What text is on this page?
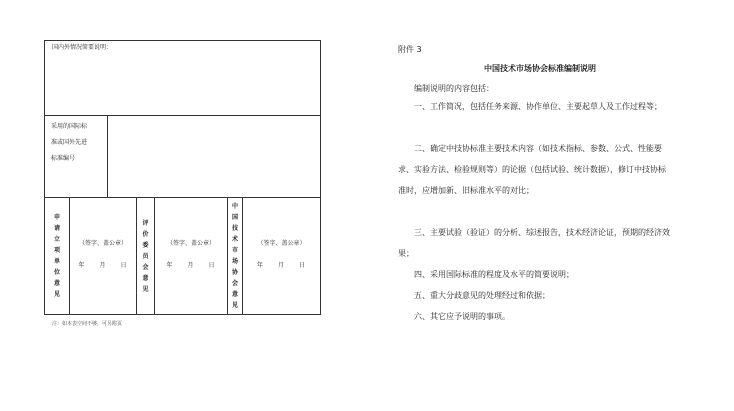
国内外情况简要说明：
采用的国际标
准或国外先进
标准编号
申
请
立
项
单
位
意
见
（签字、盖公章）
年　　月　　日
评
价
委
员
会
意
见
（签字、盖公章）
年　　月　　日
中
国
技
术
市
场
协
会
意
见
（签字、盖公章）
年　　月　　日
注：如本表空间不够，可另附页
附件 3
中国技术市场协会标准编制说明
编制说明的内容包括：
一、工作简况，包括任务来源、协作单位、主要起草人及工作过程等；
二、确定中技协标准主要技术内容（如技术指标、参数、公式、性能要求、实验方法、检验规则等）的论据（包括试验、统计数据），修订中技协标准时，应增加新、旧标准水平的对比；
三、主要试验（验证）的分析、综述报告，技术经济论证，预期的经济效果；
四、采用国际标准的程度及水平的简要说明；
五、重大分歧意见的处理经过和依据；
六、其它应予说明的事项。
